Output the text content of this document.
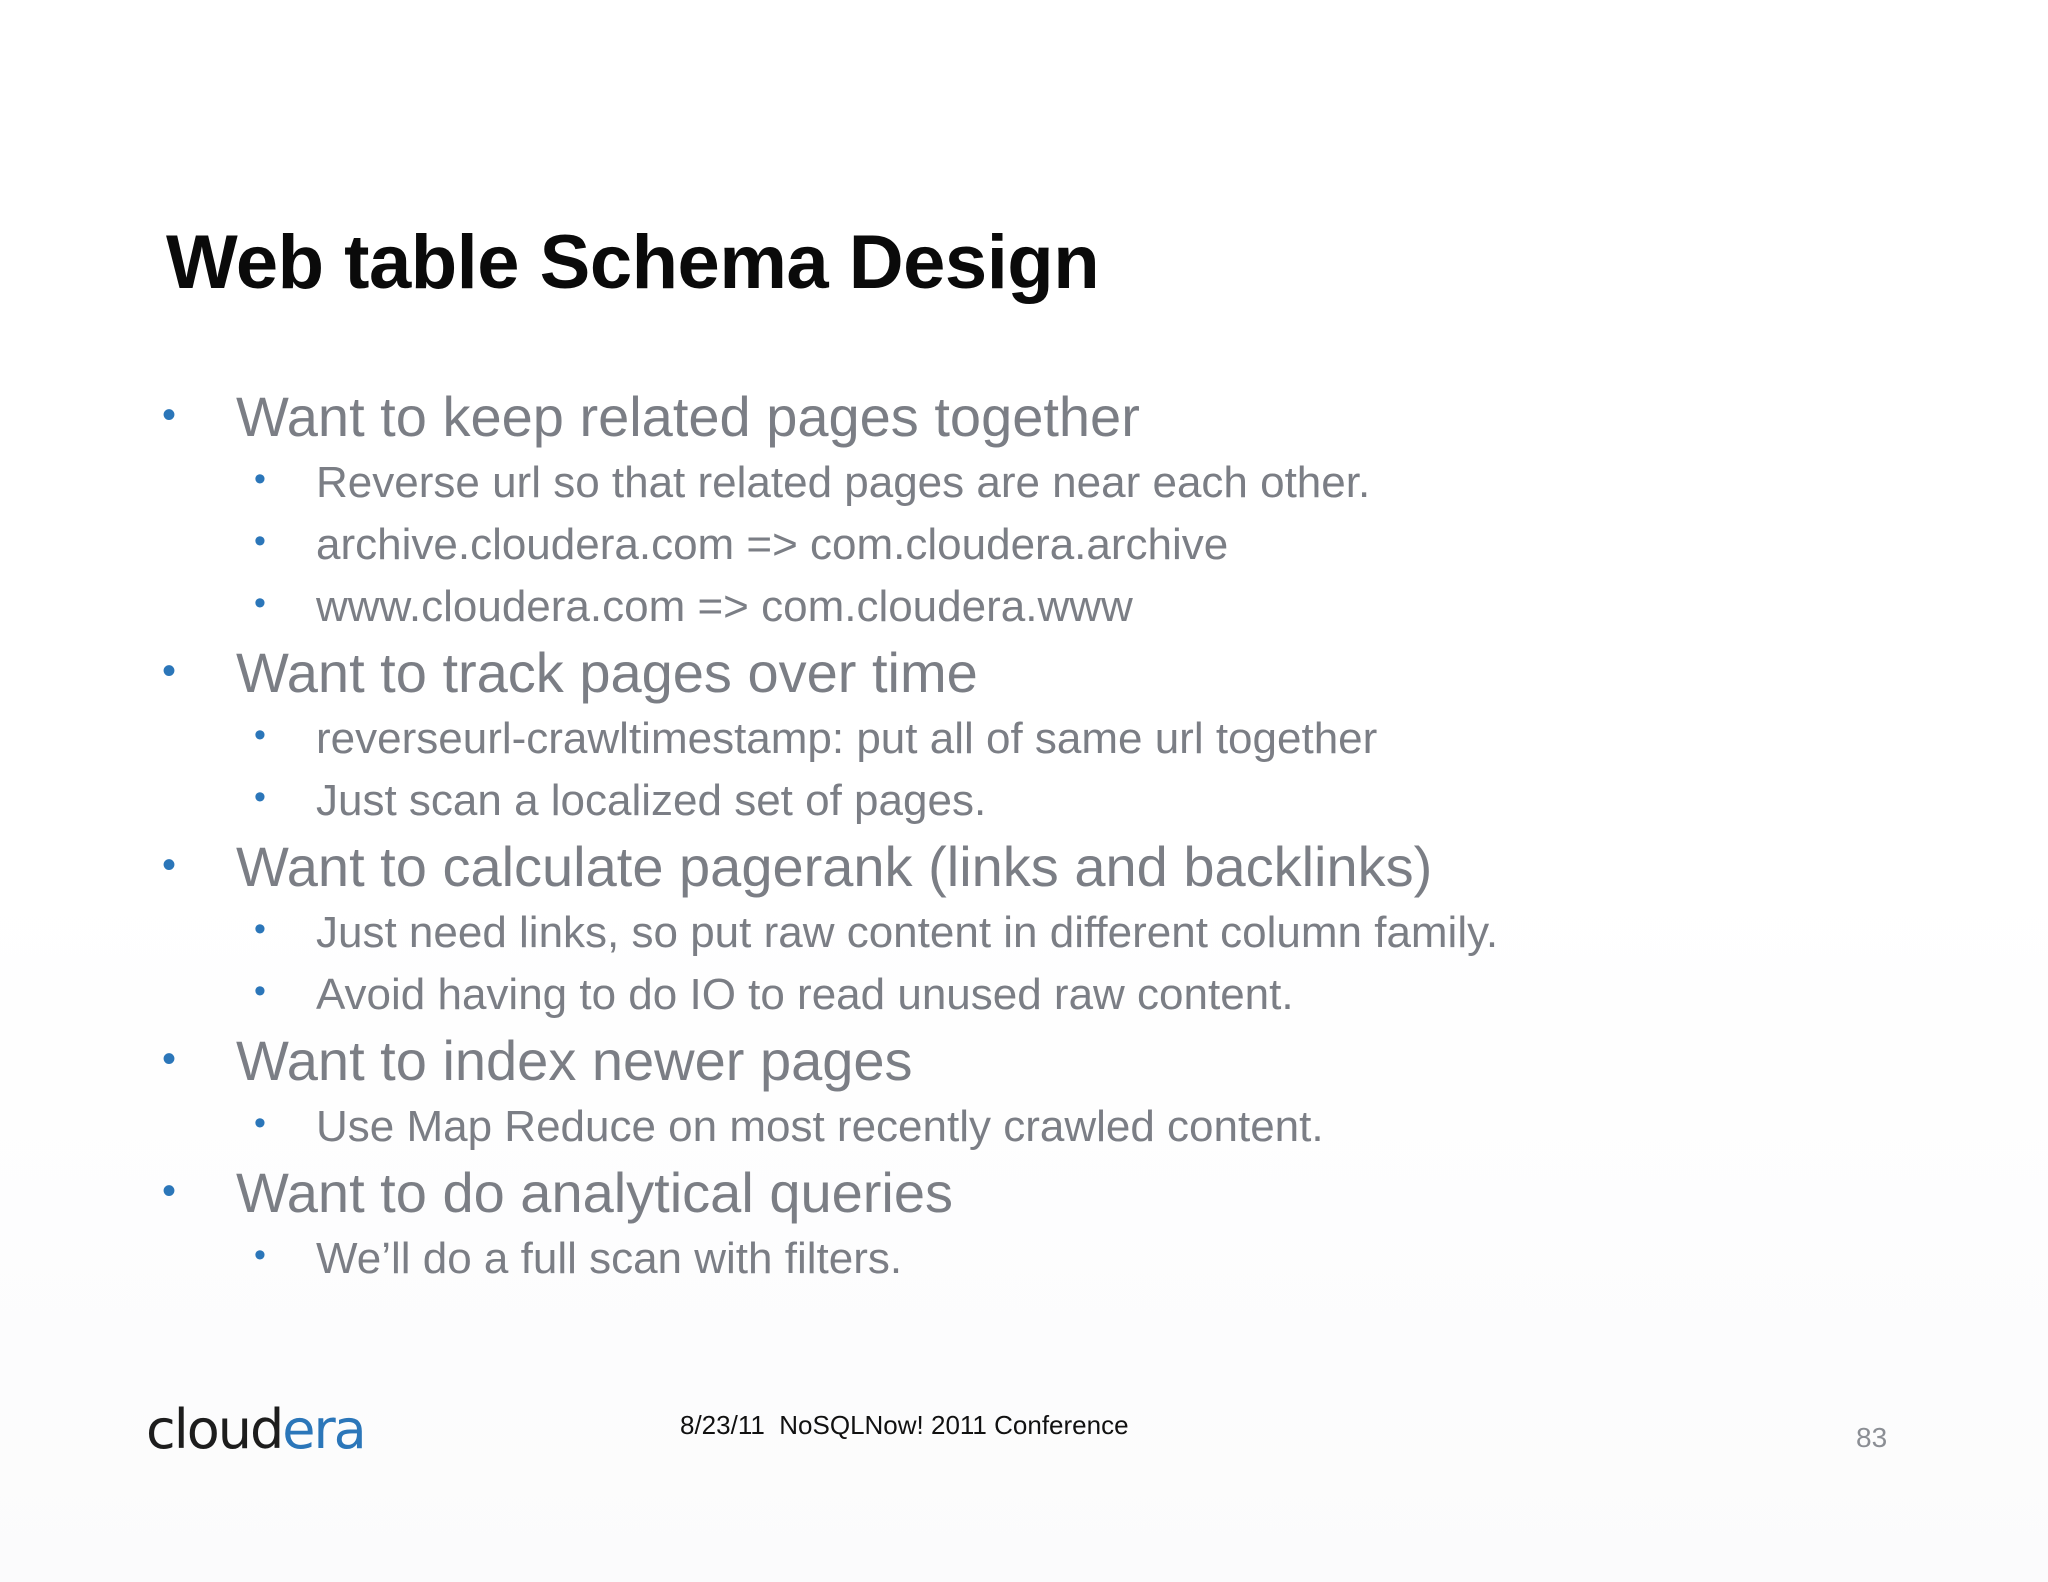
Web table Schema Design
• Want to keep related pages together
• Reverse url so that related pages are near each other.
• archive.cloudera.com => com.cloudera.archive
• www.cloudera.com => com.cloudera.www
• Want to track pages over time
• reverseurl-crawltimestamp: put all of same url together
• Just scan a localized set of pages.
• Want to calculate pagerank (links and backlinks)
• Just need links, so put raw content in different column family.
• Avoid having to do IO to read unused raw content.
• Want to index newer pages
• Use Map Reduce on most recently crawled content.
• Want to do analytical queries
• We’ll do a full scan with filters.
cloudera	8/23/11  NoSQLNow! 2011 Conference	83
